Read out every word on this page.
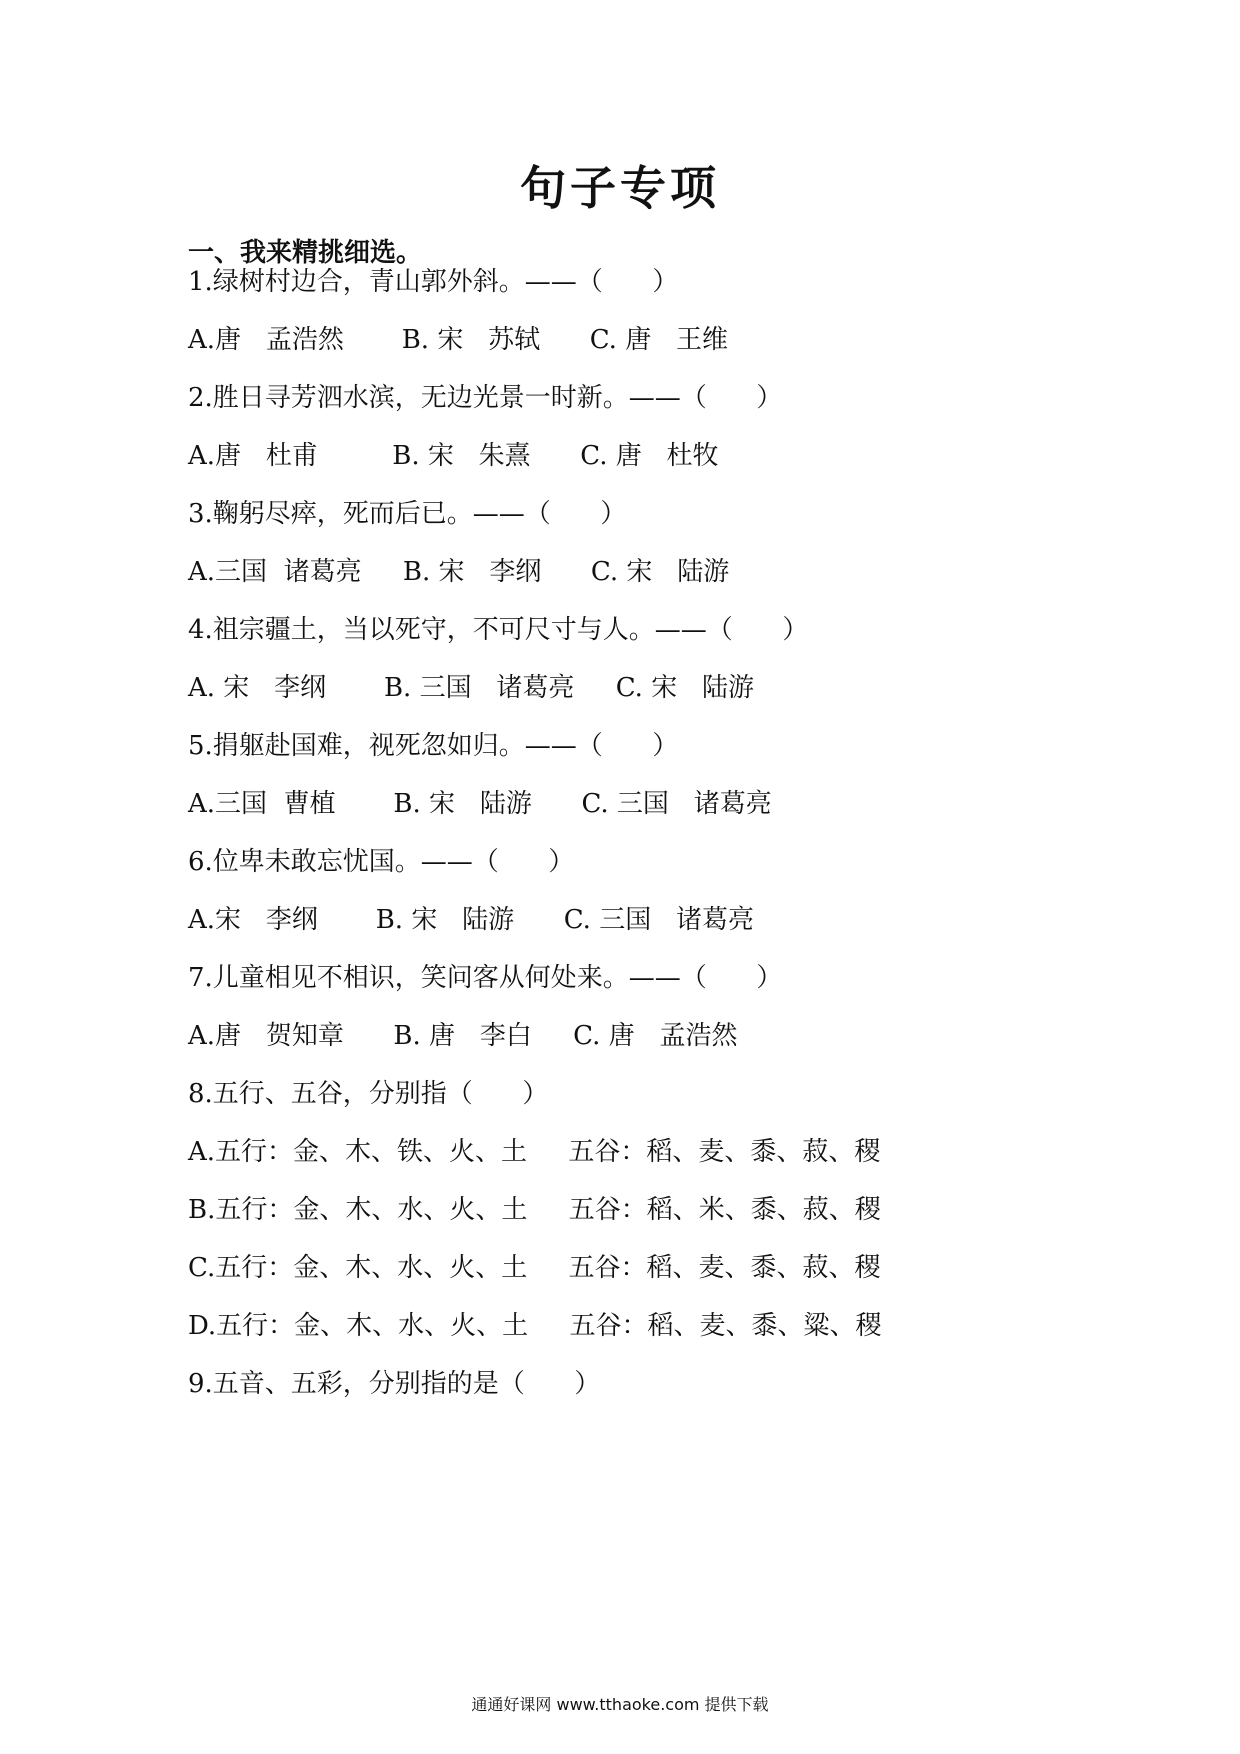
句子专项
一、我来精挑细选。

1.绿树村边合，青山郭外斜。——（      ）

A.唐   孟浩然       B. 宋   苏轼      C. 唐   王维

2.胜日寻芳泗水滨，无边光景一时新。——（      ）

A.唐   杜甫         B. 宋   朱熹      C. 唐   杜牧

3.鞠躬尽瘁，死而后已。——（      ）

A.三国  诸葛亮     B. 宋   李纲      C. 宋   陆游

4.祖宗疆土，当以死守，不可尺寸与人。——（      ）

A. 宋   李纲       B. 三国   诸葛亮     C. 宋   陆游

5.捐躯赴国难，视死忽如归。——（      ）

A.三国  曹植       B. 宋   陆游      C. 三国   诸葛亮

6.位卑未敢忘忧国。——（      ）

A.宋   李纲       B. 宋   陆游      C. 三国   诸葛亮

7.儿童相见不相识，笑问客从何处来。——（      ）

A.唐   贺知章      B. 唐   李白     C. 唐   孟浩然

8.五行、五谷，分别指（      ）

A.五行：金、木、铁、火、土     五谷：稻、麦、黍、菽、稷

B.五行：金、木、水、火、土     五谷：稻、米、黍、菽、稷

C.五行：金、木、水、火、土     五谷：稻、麦、黍、菽、稷

D.五行：金、木、水、火、土     五谷：稻、麦、黍、粱、稷

9.五音、五彩，分别指的是（      ）

通通好课网 www.tthaoke.com 提供下载
